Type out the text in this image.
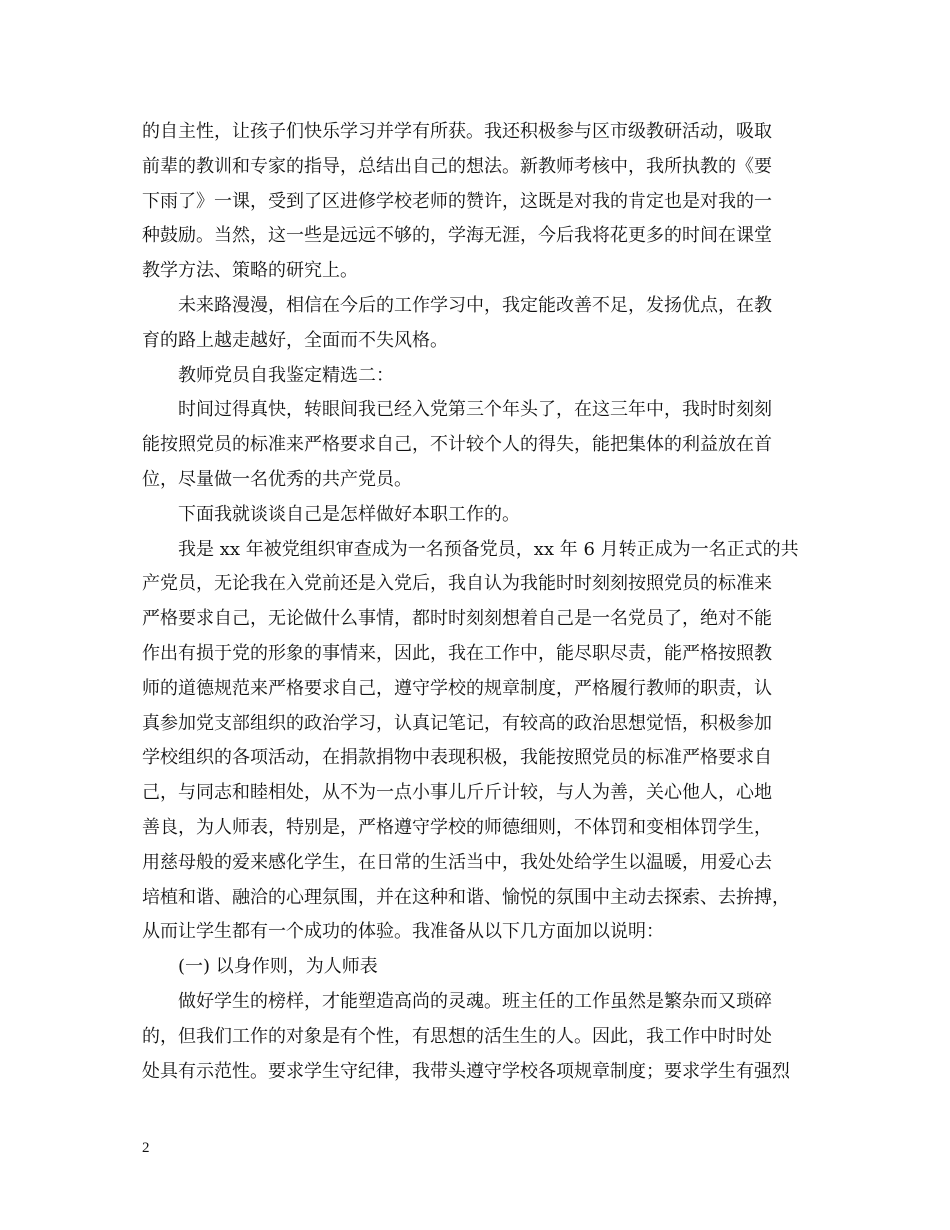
的自主性，让孩子们快乐学习并学有所获。我还积极参与区市级教研活动，吸取
前辈的教训和专家的指导，总结出自己的想法。新教师考核中，我所执教的《要
下雨了》一课，受到了区进修学校老师的赞许，这既是对我的肯定也是对我的一
种鼓励。当然，这一些是远远不够的，学海无涯，今后我将花更多的时间在课堂
教学方法、策略的研究上。
未来路漫漫，相信在今后的工作学习中，我定能改善不足，发扬优点，在教
育的路上越走越好，全面而不失风格。
教师党员自我鉴定精选二：
时间过得真快，转眼间我已经入党第三个年头了，在这三年中，我时时刻刻
能按照党员的标准来严格要求自己，不计较个人的得失，能把集体的利益放在首
位，尽量做一名优秀的共产党员。
下面我就谈谈自己是怎样做好本职工作的。
我是 xx 年被党组织审查成为一名预备党员，xx 年 6 月转正成为一名正式的共
产党员，无论我在入党前还是入党后，我自认为我能时时刻刻按照党员的标准来
严格要求自己，无论做什么事情，都时时刻刻想着自己是一名党员了，绝对不能
作出有损于党的形象的事情来，因此，我在工作中，能尽职尽责，能严格按照教
师的道德规范来严格要求自己，遵守学校的规章制度，严格履行教师的职责，认
真参加党支部组织的政治学习，认真记笔记，有较高的政治思想觉悟，积极参加
学校组织的各项活动，在捐款捐物中表现积极，我能按照党员的标准严格要求自
己，与同志和睦相处，从不为一点小事儿斤斤计较，与人为善，关心他人，心地
善良，为人师表，特别是，严格遵守学校的师德细则，不体罚和变相体罚学生，
用慈母般的爱来感化学生，在日常的生活当中，我处处给学生以温暖，用爱心去
培植和谐、融洽的心理氛围，并在这种和谐、愉悦的氛围中主动去探索、去拚搏，
从而让学生都有一个成功的体验。我准备从以下几方面加以说明：
(一) 以身作则，为人师表
做好学生的榜样，才能塑造高尚的灵魂。班主任的工作虽然是繁杂而又琐碎
的，但我们工作的对象是有个性，有思想的活生生的人。因此，我工作中时时处
处具有示范性。要求学生守纪律，我带头遵守学校各项规章制度；要求学生有强烈
2
